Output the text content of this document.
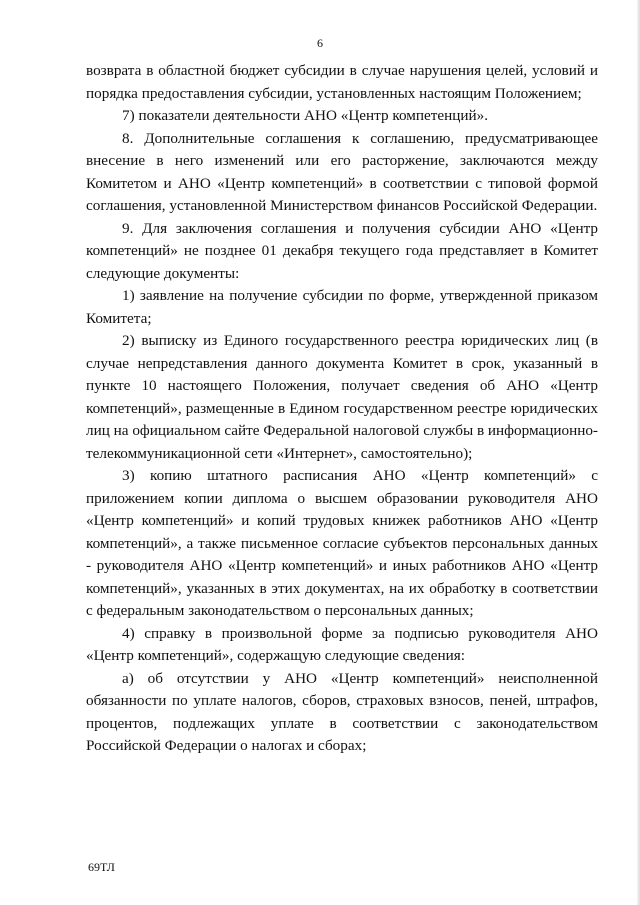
6

возврата в областной бюджет субсидии в случае нарушения целей, условий и порядка предоставления субсидии, установленных настоящим Положением;

7) показатели деятельности АНО «Центр компетенций».

8. Дополнительные соглашения к соглашению, предусматривающее внесение в него изменений или его расторжение, заключаются между Комитетом и АНО «Центр компетенций» в соответствии с типовой формой соглашения, установленной Министерством финансов Российской Федерации.

9. Для заключения соглашения и получения субсидии АНО «Центр компетенций» не позднее 01 декабря текущего года представляет в Комитет следующие документы:

1) заявление на получение субсидии по форме, утвержденной приказом Комитета;

2) выписку из Единого государственного реестра юридических лиц (в случае непредставления данного документа Комитет в срок, указанный в пункте 10 настоящего Положения, получает сведения об АНО «Центр компетенций», размещенные в Едином государственном реестре юридических лиц на официальном сайте Федеральной налоговой службы в информационно-телекоммуникационной сети «Интернет», самостоятельно);

3) копию штатного расписания АНО «Центр компетенций» с приложением копии диплома о высшем образовании руководителя АНО «Центр компетенций» и копий трудовых книжек работников АНО «Центр компетенций», а также письменное согласие субъектов персональных данных - руководителя АНО «Центр компетенций» и иных работников АНО «Центр компетенций», указанных в этих документах, на их обработку в соответствии с федеральным законодательством о персональных данных;

4) справку в произвольной форме за подписью руководителя АНО «Центр компетенций», содержащую следующие сведения:

а) об отсутствии у АНО «Центр компетенций» неисполненной обязанности по уплате налогов, сборов, страховых взносов, пеней, штрафов, процентов, подлежащих уплате в соответствии с законодательством Российской Федерации о налогах и сборах;

69ТЛ
